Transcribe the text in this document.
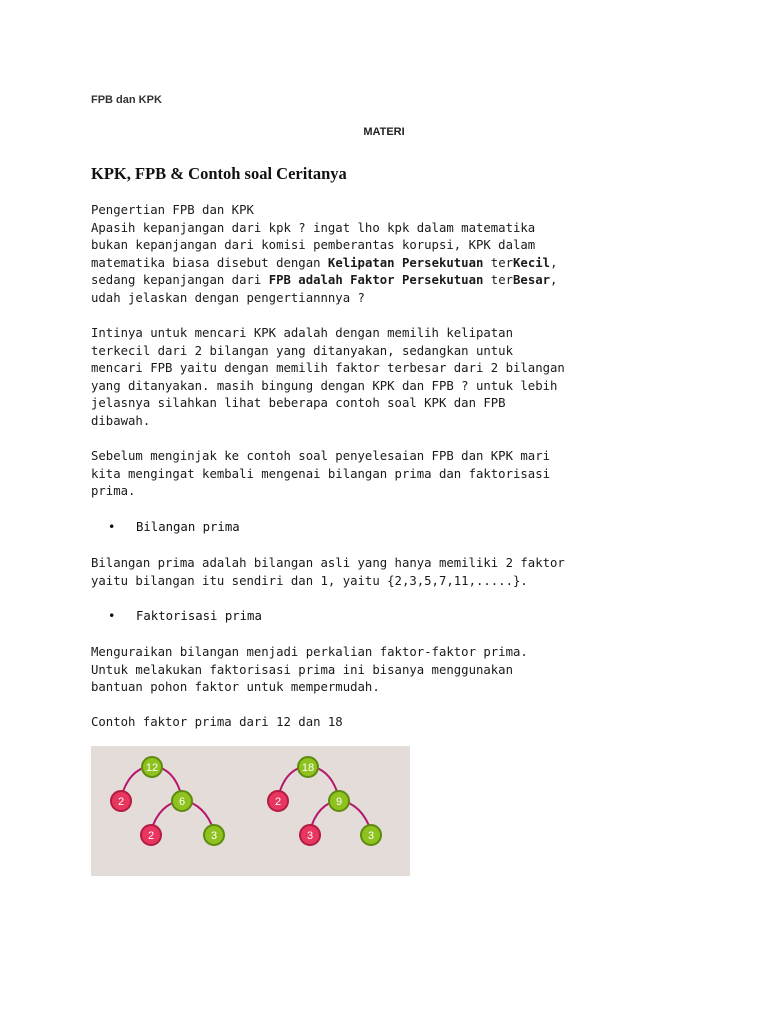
FPB dan KPK
MATERI
KPK, FPB & Contoh soal Ceritanya
Pengertian FPB dan KPK
Apasih kepanjangan dari kpk ? ingat lho kpk dalam matematika
bukan kepanjangan dari komisi pemberantas korupsi, KPK dalam
matematika biasa disebut dengan Kelipatan Persekutuan terKecil,
sedang kepanjangan dari FPB adalah Faktor Persekutuan terBesar,
udah jelaskan dengan pengertiannnya ?
Intinya untuk mencari KPK adalah dengan memilih kelipatan
terkecil dari 2 bilangan yang ditanyakan, sedangkan untuk
mencari FPB yaitu dengan memilih faktor terbesar dari 2 bilangan
yang ditanyakan. masih bingung dengan KPK dan FPB ? untuk lebih
jelasnya silahkan lihat beberapa contoh soal KPK dan FPB
dibawah.
Sebelum menginjak ke contoh soal penyelesaian FPB dan KPK mari
kita mengingat kembali mengenai bilangan prima dan faktorisasi
prima.
• Bilangan prima
Bilangan prima adalah bilangan asli yang hanya memiliki 2 faktor
yaitu bilangan itu sendiri dan 1, yaitu {2,3,5,7,11,.....}.
• Faktorisasi prima
Menguraikan bilangan menjadi perkalian faktor-faktor prima.
Untuk melakukan faktorisasi prima ini bisanya menggunakan
bantuan pohon faktor untuk mempermudah.
Contoh faktor prima dari 12 dan 18
12
2	6
2	3
18
2	9
3	3
